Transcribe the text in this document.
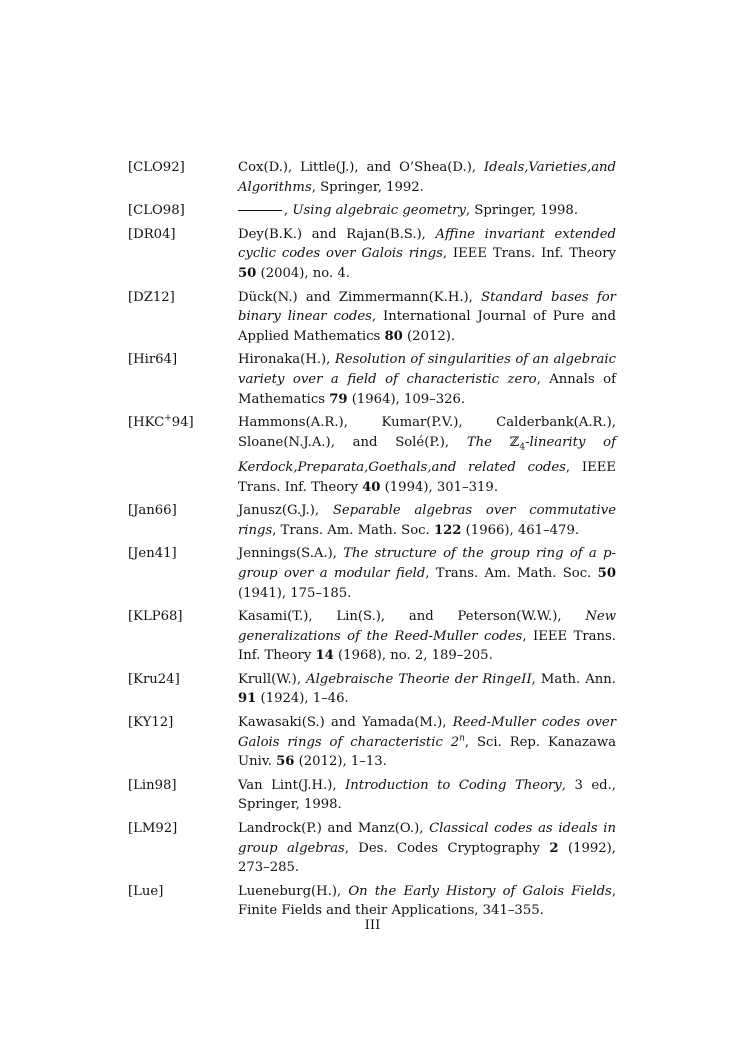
[CLO92]	Cox(D.), Little(J.), and O’Shea(D.), Ideals,Varieties,and Algorithms, Springer, 1992.
[CLO98]	, Using algebraic geometry, Springer, 1998.
[DR04]	Dey(B.K.) and Rajan(B.S.), Affine invariant extended cyclic codes over Galois rings, IEEE Trans. Inf. Theory 50 (2004), no. 4.
[DZ12]	Dück(N.) and Zimmermann(K.H.), Standard bases for binary linear codes, International Journal of Pure and Applied Mathematics 80 (2012).
[Hir64]	Hironaka(H.), Resolution of singularities of an algebraic variety over a field of characteristic zero, Annals of Mathematics 79 (1964), 109–326.
[HKC+94]	Hammons(A.R.), Kumar(P.V.), Calderbank(A.R.), Sloane(N.J.A.), and Solé(P.), The ℤ$_4$-linearity of Kerdock,Preparata,Goethals,and related codes, IEEE Trans. Inf. Theory 40 (1994), 301–319.
[Jan66]	Janusz(G.J.), Separable algebras over commutative rings, Trans. Am. Math. Soc. 122 (1966), 461–479.
[Jen41]	Jennings(S.A.), The structure of the group ring of a p-group over a modular field, Trans. Am. Math. Soc. 50 (1941), 175–185.
[KLP68]	Kasami(T.), Lin(S.), and Peterson(W.W.), New generalizations of the Reed-Muller codes, IEEE Trans. Inf. Theory 14 (1968), no. 2, 189–205.
[Kru24]	Krull(W.), Algebraische Theorie der RingeII, Math. Ann. 91 (1924), 1–46.
[KY12]	Kawasaki(S.) and Yamada(M.), Reed-Muller codes over Galois rings of characteristic 2$^n$, Sci. Rep. Kanazawa Univ. 56 (2012), 1–13.
[Lin98]	Van Lint(J.H.), Introduction to Coding Theory, 3 ed., Springer, 1998.
[LM92]	Landrock(P.) and Manz(O.), Classical codes as ideals in group algebras, Des. Codes Cryptography 2 (1992), 273–285.
[Lue]	Lueneburg(H.), On the Early History of Galois Fields, Finite Fields and their Applications, 341–355.
III
